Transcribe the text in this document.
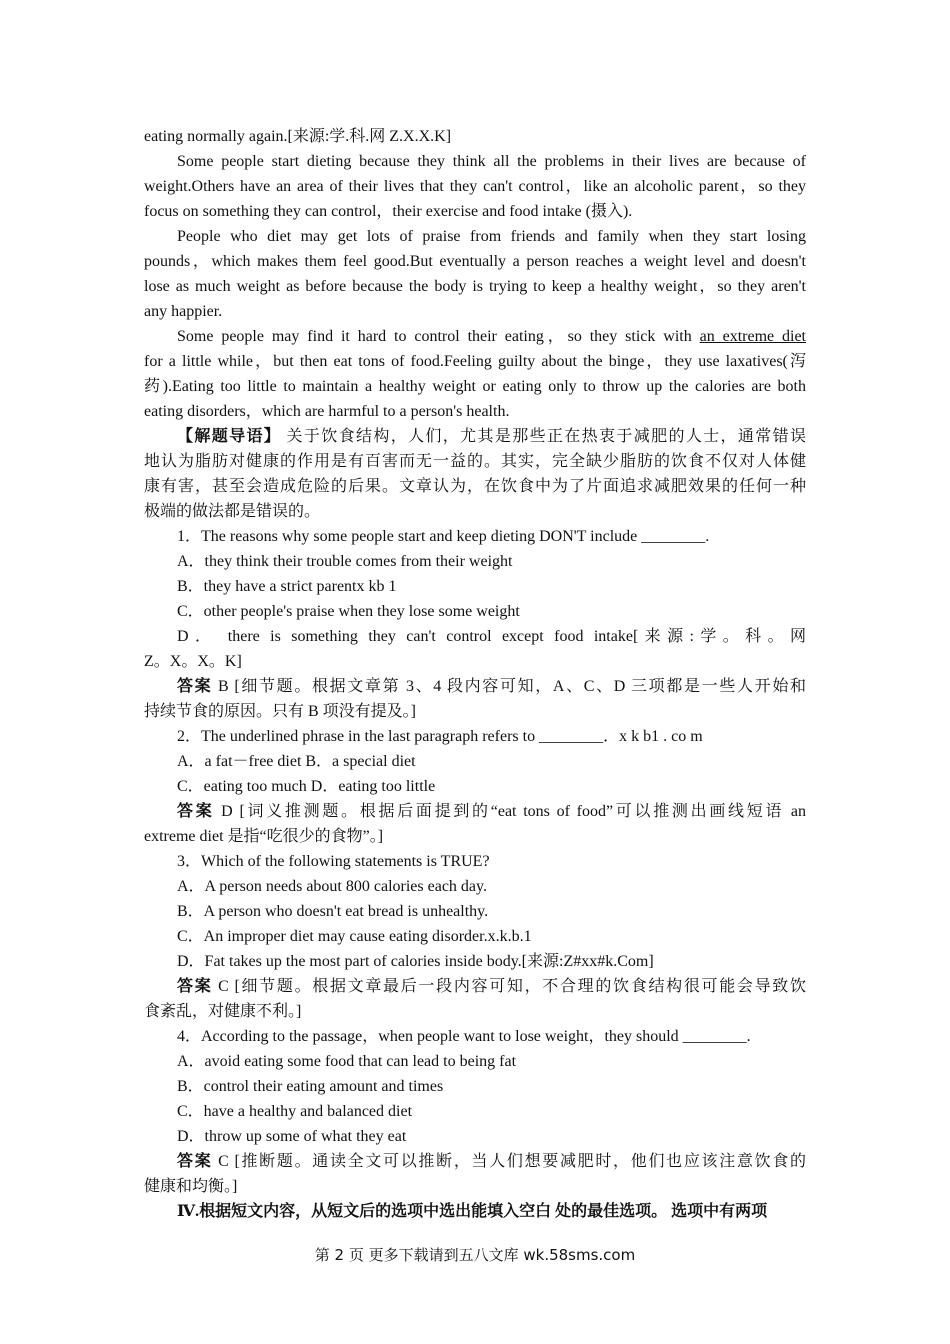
eating normally again.[来源:学.科.网 Z.X.X.K]
Some people start dieting because they think all the problems in their lives are because of
weight.Others have an area of their lives that they can't control，like an alcoholic parent，so they
focus on something they can control，their exercise and food intake (摄入).
People who diet may get lots of praise from friends and family when they start losing
pounds，which makes them feel good.But eventually a person reaches a weight level and doesn't
lose as much weight as before because the body is trying to keep a healthy weight，so they aren't
any happier.
Some people may find it hard to control their eating，so they stick with an extreme diet
for a little while，but then eat tons of food.Feeling guilty about the binge，they use laxatives(泻
药).Eating too little to maintain a healthy weight or eating only to throw up the calories are both
eating disorders，which are harmful to a person's health.
【解题导语】 关于饮食结构，人们，尤其是那些正在热衷于减肥的人士，通常错误
地认为脂肪对健康的作用是有百害而无一益的。其实，完全缺少脂肪的饮食不仅对人体健
康有害，甚至会造成危险的后果。文章认为，在饮食中为了片面追求减肥效果的任何一种
极端的做法都是错误的。
1．The reasons why some people start and keep dieting DON'T include ________.
A．they think their trouble comes from their weight
B．they have a strict parentx kb 1
C．other people's praise when they lose some weight
D． there is something they can't control except food intake[来源:学。科。网
Z。X。X。K]
答案 B [细节题。根据文章第 3、4 段内容可知，A、C、D 三项都是一些人开始和
持续节食的原因。只有 B 项没有提及。]
2．The underlined phrase in the last paragraph refers to ________．x k b1 . co m
A．a fat－free diet B．a special diet
C．eating too much D．eating too little
答案 D [词义推测题。根据后面提到的“eat tons of food”可以推测出画线短语 an
extreme diet 是指“吃很少的食物”。]
3．Which of the following statements is TRUE?
A．A person needs about 800 calories each day.
B．A person who doesn't eat bread is unhealthy.
C．An improper diet may cause eating disorder.x.k.b.1
D．Fat takes up the most part of calories inside body.[来源:Z#xx#k.Com]
答案 C [细节题。根据文章最后一段内容可知，不合理的饮食结构很可能会导致饮
食紊乱，对健康不利。]
4．According to the passage，when people want to lose weight，they should ________.
A．avoid eating some food that can lead to being fat
B．control their eating amount and times
C．have a healthy and balanced diet
D．throw up some of what they eat
答案 C [推断题。通读全文可以推断，当人们想要减肥时，他们也应该注意饮食的
健康和均衡。]
Ⅳ.根据短文内容，从短文后的选项中选出能填入空白 处的最佳选项。 选项中有两项
第 2 页 更多下载请到五八文库 wk.58sms.com
